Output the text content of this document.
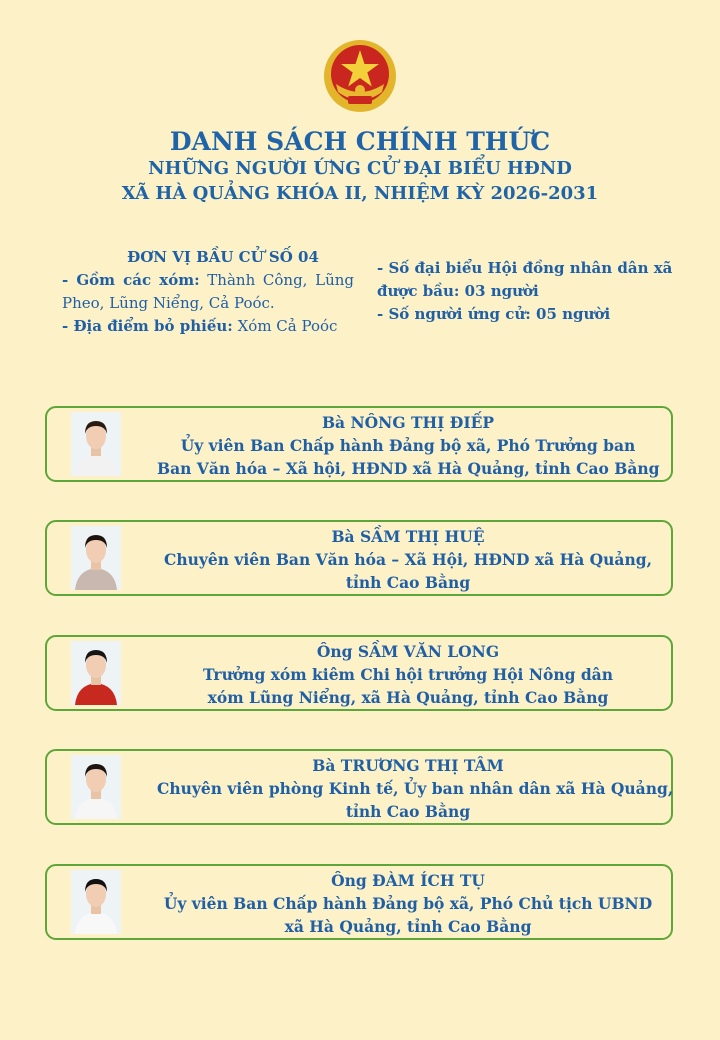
DANH SÁCH CHÍNH THỨC
NHỮNG NGƯỜI ỨNG CỬ ĐẠI BIỂU HĐND
XÃ HÀ QUẢNG KHÓA II, NHIỆM KỲ 2026-2031
ĐƠN VỊ BẦU CỬ SỐ 04

- Gồm các xóm: Thành Công, Lũng Pheo, Lũng Niểng, Cả Poóc.

- Địa điểm bỏ phiếu: Xóm Cả Poóc

- Số đại biểu Hội đồng nhân dân xã

được bầu: 03 người

- Số người ứng cử: 05 người

Bà NÔNG THỊ ĐIẾP
Ủy viên Ban Chấp hành Đảng bộ xã, Phó Trưởng ban
Ban Văn hóa – Xã hội, HĐND xã Hà Quảng, tỉnh Cao Bằng
Bà SẦM THỊ HUỆ
Chuyên viên Ban Văn hóa – Xã Hội, HĐND xã Hà Quảng,
tỉnh Cao Bằng
Ông SẦM VĂN LONG
Trưởng xóm kiêm Chi hội trưởng Hội Nông dân
xóm Lũng Niểng, xã Hà Quảng, tỉnh Cao Bằng
Bà TRƯƠNG THỊ TÂM
Chuyên viên phòng Kinh tế, Ủy ban nhân dân xã Hà Quảng,
tỉnh Cao Bằng
Ông ĐÀM ÍCH TỤ
Ủy viên Ban Chấp hành Đảng bộ xã, Phó Chủ tịch UBND
xã Hà Quảng, tỉnh Cao Bằng
